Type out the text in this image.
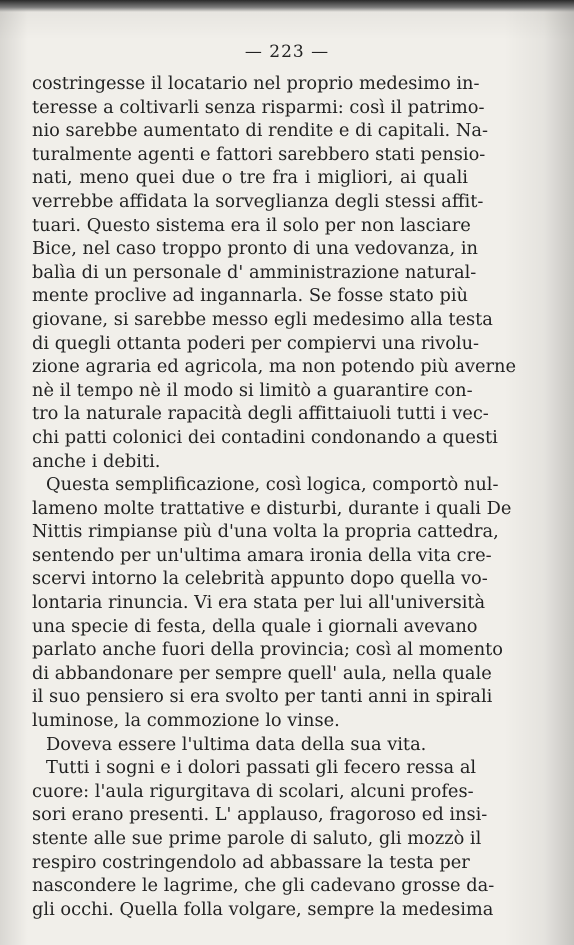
— 223 —
costringesse il locatario nel proprio medesimo in-
teresse a coltivarli senza risparmi: così il patrimo-
nio sarebbe aumentato di rendite e di capitali. Na-
turalmente agenti e fattori sarebbero stati pensio-
nati, meno quei due o tre fra i migliori, ai quali
verrebbe affidata la sorveglianza degli stessi affit-
tuari. Questo sistema era il solo per non lasciare
Bice, nel caso troppo pronto di una vedovanza, in
balìa di un personale d' amministrazione natural-
mente proclive ad ingannarla. Se fosse stato più
giovane, si sarebbe messo egli medesimo alla testa
di quegli ottanta poderi per compiervi una rivolu-
zione agraria ed agricola, ma non potendo più averne
nè il tempo nè il modo si limitò a guarantire con-
tro la naturale rapacità degli affittaiuoli tutti i vec-
chi patti colonici dei contadini condonando a questi
anche i debiti.
Questa semplificazione, così logica, comportò nul-
lameno molte trattative e disturbi, durante i quali De
Nittis rimpianse più d'una volta la propria cattedra,
sentendo per un'ultima amara ironia della vita cre-
scervi intorno la celebrità appunto dopo quella vo-
lontaria rinuncia. Vi era stata per lui all'università
una specie di festa, della quale i giornali avevano
parlato anche fuori della provincia; così al momento
di abbandonare per sempre quell' aula, nella quale
il suo pensiero si era svolto per tanti anni in spirali
luminose, la commozione lo vinse.
Doveva essere l'ultima data della sua vita.
Tutti i sogni e i dolori passati gli fecero ressa al
cuore: l'aula rigurgitava di scolari, alcuni profes-
sori erano presenti. L' applauso, fragoroso ed insi-
stente alle sue prime parole di saluto, gli mozzò il
respiro costringendolo ad abbassare la testa per
nascondere le lagrime, che gli cadevano grosse da-
gli occhi. Quella folla volgare, sempre la medesima
